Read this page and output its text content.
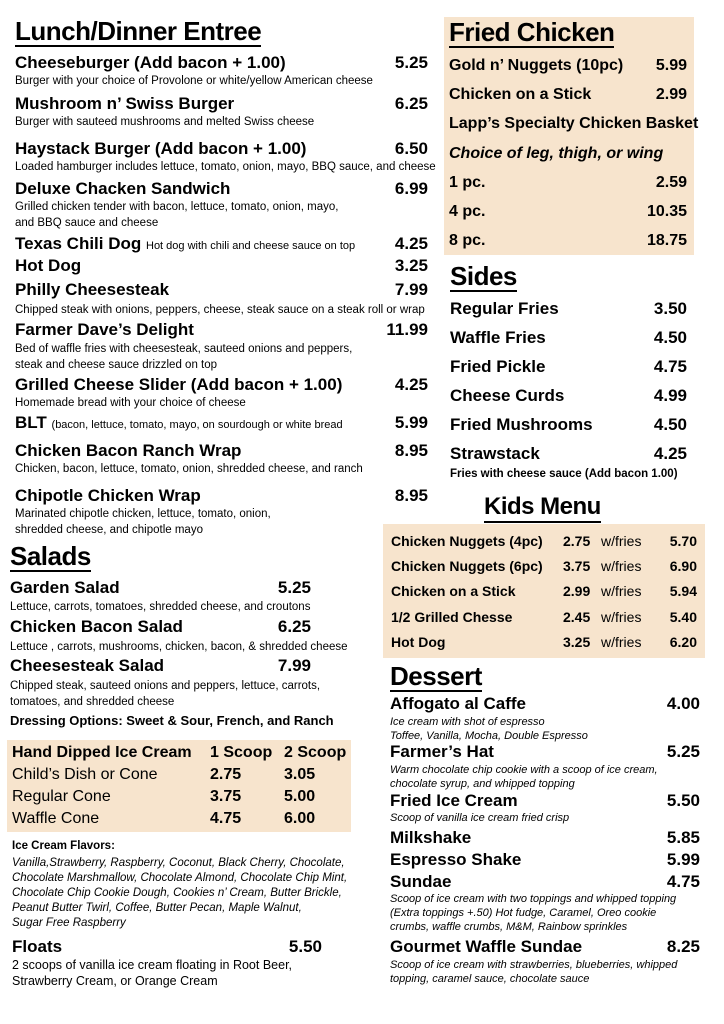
Lunch/Dinner Entree
Cheeseburger (Add bacon + 1.00)	5.25
Burger with your choice of Provolone or white/yellow American cheese
Mushroom n’ Swiss Burger	6.25
Burger with sauteed mushrooms and melted Swiss cheese
Haystack Burger (Add bacon + 1.00)	6.50
Loaded hamburger includes lettuce, tomato, onion, mayo, BBQ sauce, and cheese
Deluxe Chacken Sandwich	6.99
Grilled chicken tender with bacon, lettuce, tomato, onion, mayo,
and BBQ sauce and cheese
Texas Chili Dog Hot dog with chili and cheese sauce on top 4.25
Hot Dog	3.25
Philly Cheesesteak	7.99
Chipped steak with onions, peppers, cheese, steak sauce on a steak roll or wrap
Farmer Dave’s Delight	11.99
Bed of waffle fries with cheesesteak, sauteed onions and peppers,
steak and cheese sauce drizzled on top
Grilled Cheese Slider (Add bacon + 1.00)	4.25
Homemade bread with your choice of cheese
BLT (bacon, lettuce, tomato, mayo, on sourdough or white bread	5.99
Chicken Bacon Ranch Wrap	8.95
Chicken, bacon, lettuce, tomato, onion, shredded cheese, and ranch
Chipotle Chicken Wrap	8.95
Marinated chipotle chicken, lettuce, tomato, onion,
shredded cheese, and chipotle mayo
Salads
Garden Salad	5.25
Lettuce, carrots, tomatoes, shredded cheese, and croutons
Chicken Bacon Salad	6.25
Lettuce , carrots, mushrooms, chicken, bacon, & shredded cheese
Cheesesteak Salad	7.99
Chipped steak, sauteed onions and peppers, lettuce, carrots,
tomatoes, and shredded cheese
Dressing Options: Sweet & Sour, French, and Ranch
Hand Dipped Ice Cream 1 Scoop 2 Scoop
Child’s Dish or Cone	2.75	3.05
Regular Cone	3.75	5.00
Waffle Cone	4.75	6.00
Ice Cream Flavors:
Vanilla,Strawberry, Raspberry, Coconut, Black Cherry, Chocolate,
Chocolate Marshmallow, Chocolate Almond, Chocolate Chip Mint,
Chocolate Chip Cookie Dough, Cookies n’ Cream, Butter Brickle,
Peanut Butter Twirl, Coffee, Butter Pecan, Maple Walnut,
Sugar Free Raspberry
Floats	5.50
2 scoops of vanilla ice cream floating in Root Beer,
Strawberry Cream, or Orange Cream
Fried Chicken
Gold n’ Nuggets (10pc) 5.99
Chicken on a Stick	2.99
Lapp’s Specialty Chicken Basket
Choice of leg, thigh, or wing
1 pc.	2.59
4 pc.	10.35
8 pc.	18.75
Sides
Regular Fries	3.50
Waffle Fries	4.50
Fried Pickle	4.75
Cheese Curds	4.99
Fried Mushrooms	4.50
Strawstack	4.25
Fries with cheese sauce (Add bacon 1.00)
Kids Menu
Chicken Nuggets (4pc) 2.75 w/fries 5.70
Chicken Nuggets (6pc) 3.75 w/fries 6.90
Chicken on a Stick	2.99 w/fries 5.94
1/2 Grilled Chesse	2.45 w/fries 5.40
Hot Dog	3.25 w/fries 6.20
Dessert
Affogato al Caffe	4.00
Ice cream with shot of espresso
Toffee, Vanilla, Mocha, Double Espresso
Farmer’s Hat	5.25
Warm chocolate chip cookie with a scoop of ice cream,
chocolate syrup, and whipped topping
Fried Ice Cream	5.50
Scoop of vanilla ice cream fried crisp
Milkshake	5.85
Espresso Shake	5.99
Sundae	4.75
Scoop of ice cream with two toppings and whipped topping
(Extra toppings +.50) Hot fudge, Caramel, Oreo cookie
crumbs, waffle crumbs, M&M, Rainbow sprinkles
Gourmet Waffle Sundae	8.25
Scoop of ice cream with strawberries, blueberries, whipped
topping, caramel sauce, chocolate sauce
